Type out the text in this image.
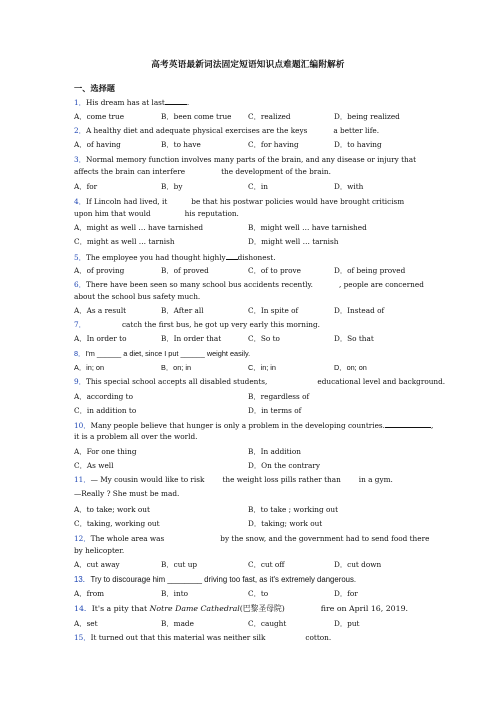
高考英语最新词法固定短语知识点难题汇编附解析
一、选择题
1．His dream has at last	.
A．come true	B．been come true C．realized	D．being realized
2．A healthy diet and adequate physical exercises are the keys	a better life.
A．of having	B．to have	C．for having	D．to having
3．Normal memory function involves many parts of the brain, and any disease or injury that
affects the brain can interfere	the development of the brain.
A．for	B．by	C．in	D．with
4．If Lincoln had lived, it	be that his postwar policies would have brought criticism
upon him that would	his reputation.
A．might as well … have tarnished	B．might well … have tarnished
C．might as well … tarnish	D．might well … tarnish
5．The employee you had thought highly dishonest.
A．of proving	B．of proved	C．of to prove	D．of being proved
6．There have been seen so many school bus accidents recently.	, people are concerned
about the school bus safety much.
A．As a result	B．After all	C．In spite of	D．Instead of
7．	catch the first bus, he got up very early this morning.
A．In order to	B．In order that	C．So to	D．So that
8．I'm ______ a diet, since I put ______ weight easily.
A．in; on	B．on; in	C．in; in	D．on; on
9．This special school accepts all disabled students,	educational level and background.
A．according to	B．regardless of
C．in addition to	D．in terms of
10．Many people believe that hunger is only a problem in the developing countries.	,
it is a problem all over the world.
A．For one thing	B．In addition
C．As well	D．On the contrary
11．— My cousin would like to risk the weight loss pills rather than in a gym.
—Really ? She must be mad.
A．to take; work out	B．to take ; working out
C．taking, working out	D．taking; work out
12．The whole area was	by the snow, and the government had to send food there
by helicopter.
A．cut away	B．cut up	C．cut off	D．cut down
13．Try to discourage him ________ driving too fast, as it's extremely dangerous.
A．from	B．into	C．to	D．for
14．It's a pity that Notre Dame Cathedral(巴黎圣母院)	fire on April 16, 2019.
A．set	B．made	C．caught	D．put
15．It turned out that this material was neither silk	cotton.
